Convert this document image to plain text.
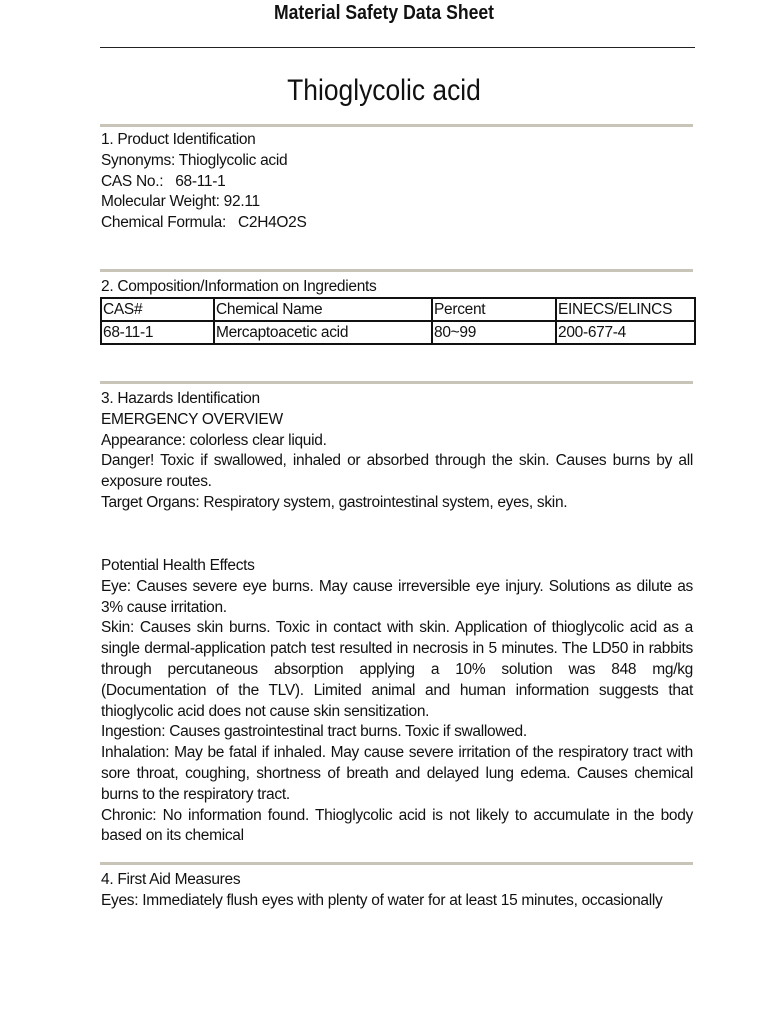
Material Safety Data Sheet
Thioglycolic acid
1. Product Identification
Synonyms: Thioglycolic acid
CAS No.:   68-11-1
Molecular Weight: 92.11
Chemical Formula:   C2H4O2S
2. Composition/Information on Ingredients
CAS#	Chemical Name	Percent	EINECS/ELINCS
68-11-1	Mercaptoacetic acid	80~99	200-677-4
3. Hazards Identification
EMERGENCY OVERVIEW
Appearance: colorless clear liquid.
Danger! Toxic if swallowed, inhaled or absorbed through the skin. Causes burns by all exposure routes.
Target Organs: Respiratory system, gastrointestinal system, eyes, skin.
Potential Health Effects
Eye: Causes severe eye burns. May cause irreversible eye injury. Solutions as dilute as 3% cause irritation.
Skin: Causes skin burns. Toxic in contact with skin. Application of thioglycolic acid as a single dermal-application patch test resulted in necrosis in 5 minutes. The LD50 in rabbits through percutaneous absorption applying a 10% solution was 848 mg/kg (Documentation of the TLV). Limited animal and human information suggests that thioglycolic acid does not cause skin sensitization.
Ingestion: Causes gastrointestinal tract burns. Toxic if swallowed.
Inhalation: May be fatal if inhaled. May cause severe irritation of the respiratory tract with sore throat, coughing, shortness of breath and delayed lung edema. Causes chemical burns to the respiratory tract.
Chronic: No information found. Thioglycolic acid is not likely to accumulate in the body based on its chemical
4. First Aid Measures
Eyes: Immediately flush eyes with plenty of water for at least 15 minutes, occasionally
